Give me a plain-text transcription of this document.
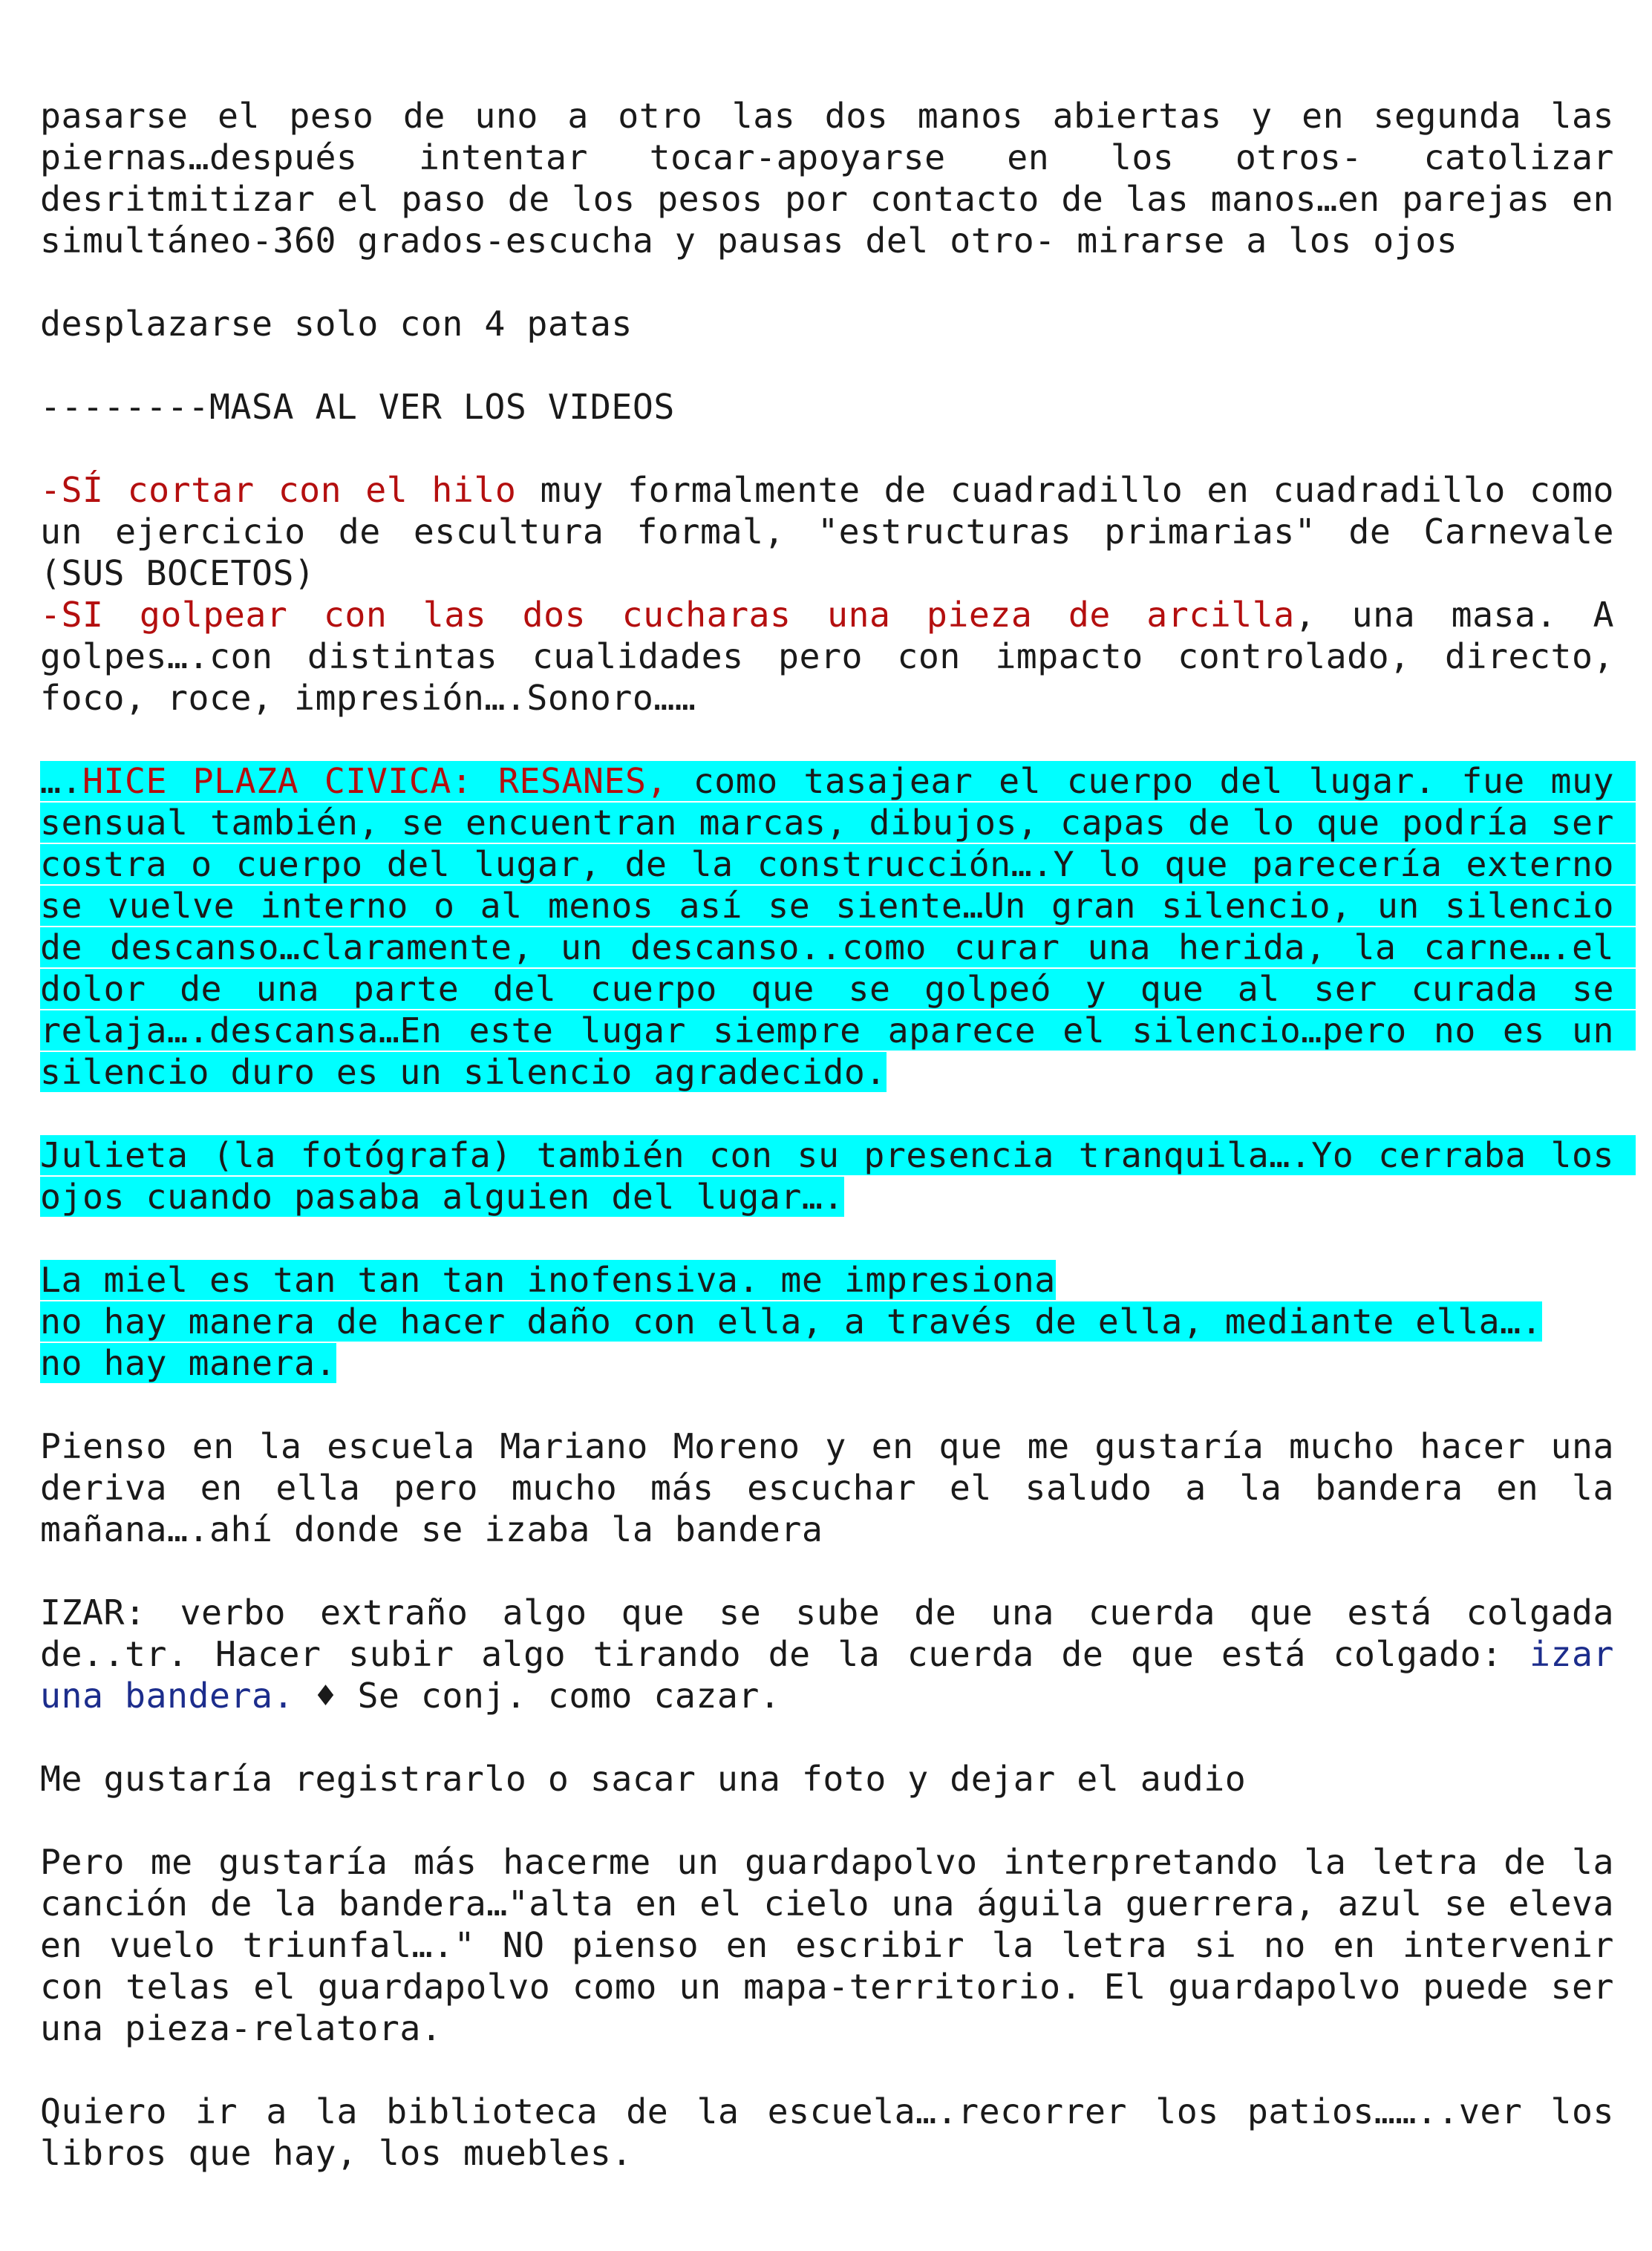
pasarse el peso de uno a otro las dos manos abiertas y en segunda las piernas…después intentar tocar-apoyarse en los otros- catolizar desritmitizar el paso de los pesos por contacto de las manos…en parejas en simultáneo-360 grados-escucha y pausas del otro- mirarse a los ojos

desplazarse solo con 4 patas

--------MASA AL VER LOS VIDEOS

-SÍ cortar con el hilo muy formalmente de cuadradillo en cuadradillo como un ejercicio de escultura formal, "estructuras primarias" de Carnevale (SUS BOCETOS)
-SI golpear con las dos cucharas una pieza de arcilla, una masa. A golpes….con distintas cualidades pero con impacto controlado, directo, foco, roce, impresión….Sonoro……

….HICE PLAZA CIVICA: RESANES, como tasajear el cuerpo del lugar. fue muy sensual también, se encuentran marcas, dibujos, capas de lo que podría ser costra o cuerpo del lugar, de la construcción….Y lo que parecería externo se vuelve interno o al menos así se siente…Un gran silencio, un silencio de descanso…claramente, un descanso..como curar una herida, la carne….el dolor de una parte del cuerpo que se golpeó y que al ser curada se relaja….descansa…En este lugar siempre aparece el silencio…pero no es un silencio duro es un silencio agradecido.

Julieta (la fotógrafa) también con su presencia tranquila….Yo cerraba los ojos cuando pasaba alguien del lugar….

La miel es tan tan tan inofensiva. me impresiona
no hay manera de hacer daño con ella, a través de ella, mediante ella….
no hay manera.

Pienso en la escuela Mariano Moreno y en que me gustaría mucho hacer una deriva en ella pero mucho más escuchar el saludo a la bandera en la mañana….ahí donde se izaba la bandera

IZAR: verbo extraño algo que se sube de una cuerda que está colgada de..tr. Hacer subir algo tirando de la cuerda de que está colgado: izar una bandera. ♦ Se conj. como cazar.

Me gustaría registrarlo o sacar una foto y dejar el audio

Pero me gustaría más hacerme un guardapolvo interpretando la letra de la canción de la bandera…"alta en el cielo una águila guerrera, azul se eleva en vuelo triunfal…." NO pienso en escribir la letra si no en intervenir con telas el guardapolvo como un mapa-territorio. El guardapolvo puede ser una pieza-relatora.

Quiero ir a la biblioteca de la escuela….recorrer los patios……..ver los libros que hay, los muebles.
